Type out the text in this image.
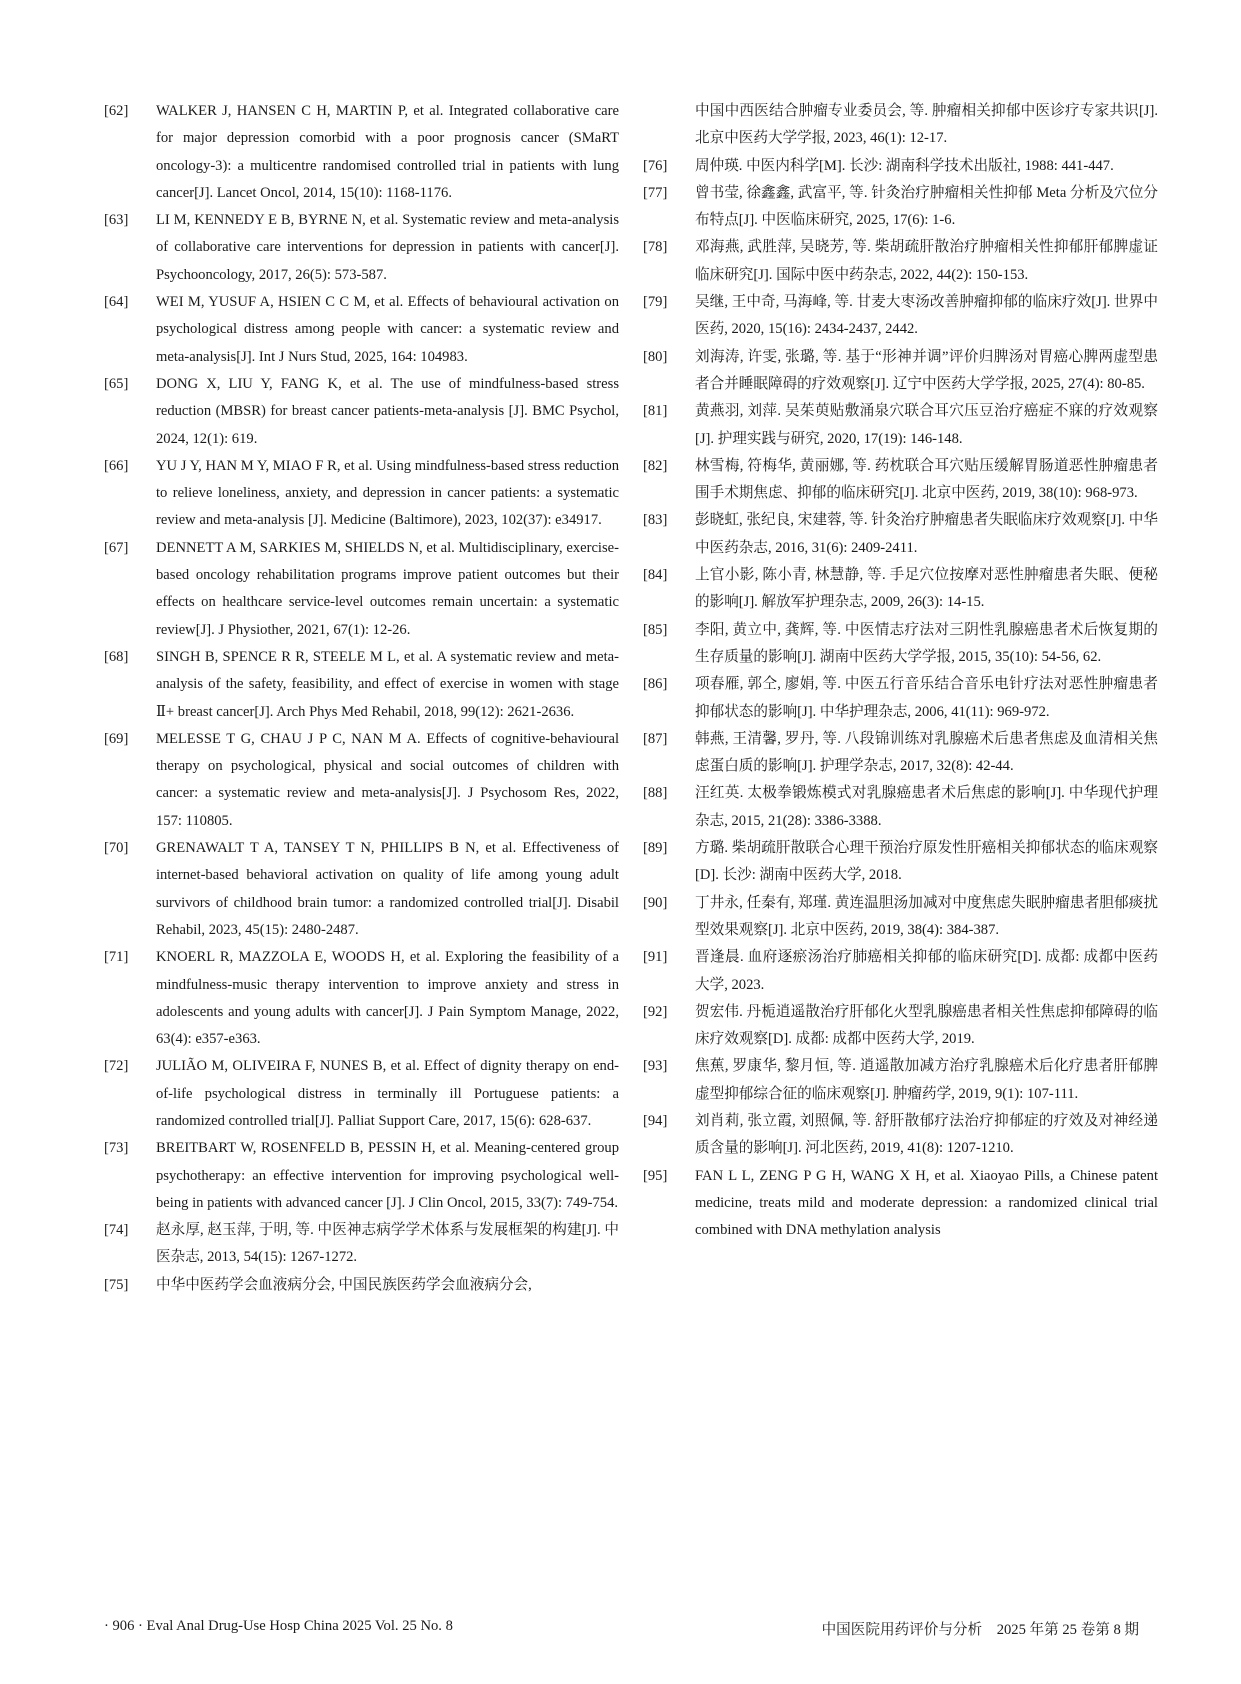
[62]	WALKER J, HANSEN C H, MARTIN P, et al. Integrated collaborative care for major depression comorbid with a poor prognosis cancer (SMaRT oncology-3): a multicentre randomised controlled trial in patients with lung cancer[J]. Lancet Oncol, 2014, 15(10): 1168-1176.
[63]	LI M, KENNEDY E B, BYRNE N, et al. Systematic review and meta-analysis of collaborative care interventions for depression in patients with cancer[J]. Psychooncology, 2017, 26(5): 573-587.
[64]	WEI M, YUSUF A, HSIEN C C M, et al. Effects of behavioural activation on psychological distress among people with cancer: a systematic review and meta-analysis[J]. Int J Nurs Stud, 2025, 164: 104983.
[65]	DONG X, LIU Y, FANG K, et al. The use of mindfulness-based stress reduction (MBSR) for breast cancer patients-meta-analysis [J]. BMC Psychol, 2024, 12(1): 619.
[66]	YU J Y, HAN M Y, MIAO F R, et al. Using mindfulness-based stress reduction to relieve loneliness, anxiety, and depression in cancer patients: a systematic review and meta-analysis [J]. Medicine (Baltimore), 2023, 102(37): e34917.
[67]	DENNETT A M, SARKIES M, SHIELDS N, et al. Multidisciplinary, exercise-based oncology rehabilitation programs improve patient outcomes but their effects on healthcare service-level outcomes remain uncertain: a systematic review[J]. J Physiother, 2021, 67(1): 12-26.
[68]	SINGH B, SPENCE R R, STEELE M L, et al. A systematic review and meta-analysis of the safety, feasibility, and effect of exercise in women with stage Ⅱ+ breast cancer[J]. Arch Phys Med Rehabil, 2018, 99(12): 2621-2636.
[69]	MELESSE T G, CHAU J P C, NAN M A. Effects of cognitive-behavioural therapy on psychological, physical and social outcomes of children with cancer: a systematic review and meta-analysis[J]. J Psychosom Res, 2022, 157: 110805.
[70]	GRENAWALT T A, TANSEY T N, PHILLIPS B N, et al. Effectiveness of internet-based behavioral activation on quality of life among young adult survivors of childhood brain tumor: a randomized controlled trial[J]. Disabil Rehabil, 2023, 45(15): 2480-2487.
[71]	KNOERL R, MAZZOLA E, WOODS H, et al. Exploring the feasibility of a mindfulness-music therapy intervention to improve anxiety and stress in adolescents and young adults with cancer[J]. J Pain Symptom Manage, 2022, 63(4): e357-e363.
[72]	JULIÃO M, OLIVEIRA F, NUNES B, et al. Effect of dignity therapy on end-of-life psychological distress in terminally ill Portuguese patients: a randomized controlled trial[J]. Palliat Support Care, 2017, 15(6): 628-637.
[73]	BREITBART W, ROSENFELD B, PESSIN H, et al. Meaning-centered group psychotherapy: an effective intervention for improving psychological well-being in patients with advanced cancer [J]. J Clin Oncol, 2015, 33(7): 749-754.
[74]	赵永厚, 赵玉萍, 于明, 等. 中医神志病学学术体系与发展框架的构建[J]. 中医杂志, 2013, 54(15): 1267-1272.
[75]	中华中医药学会血液病分会, 中国民族医药学会血液病分会,
中国中西医结合肿瘤专业委员会, 等. 肿瘤相关抑郁中医诊疗专家共识[J]. 北京中医药大学学报, 2023, 46(1): 12-17.
[76]	周仲瑛. 中医内科学[M]. 长沙: 湖南科学技术出版社, 1988: 441-447.
[77]	曾书莹, 徐鑫鑫, 武富平, 等. 针灸治疗肿瘤相关性抑郁 Meta 分析及穴位分布特点[J]. 中医临床研究, 2025, 17(6): 1-6.
[78]	邓海燕, 武胜萍, 吴晓芳, 等. 柴胡疏肝散治疗肿瘤相关性抑郁肝郁脾虚证临床研究[J]. 国际中医中药杂志, 2022, 44(2): 150-153.
[79]	吴继, 王中奇, 马海峰, 等. 甘麦大枣汤改善肿瘤抑郁的临床疗效[J]. 世界中医药, 2020, 15(16): 2434-2437, 2442.
[80]	刘海涛, 许雯, 张璐, 等. 基于“形神并调”评价归脾汤对胃癌心脾两虚型患者合并睡眠障碍的疗效观察[J]. 辽宁中医药大学学报, 2025, 27(4): 80-85.
[81]	黄燕羽, 刘萍. 吴茱萸贴敷涌泉穴联合耳穴压豆治疗癌症不寐的疗效观察[J]. 护理实践与研究, 2020, 17(19): 146-148.
[82]	林雪梅, 符梅华, 黄丽娜, 等. 药枕联合耳穴贴压缓解胃肠道恶性肿瘤患者围手术期焦虑、抑郁的临床研究[J]. 北京中医药, 2019, 38(10): 968-973.
[83]	彭晓虹, 张纪良, 宋建蓉, 等. 针灸治疗肿瘤患者失眠临床疗效观察[J]. 中华中医药杂志, 2016, 31(6): 2409-2411.
[84]	上官小影, 陈小青, 林慧静, 等. 手足穴位按摩对恶性肿瘤患者失眠、便秘的影响[J]. 解放军护理杂志, 2009, 26(3): 14-15.
[85]	李阳, 黄立中, 龚辉, 等. 中医情志疗法对三阴性乳腺癌患者术后恢复期的生存质量的影响[J]. 湖南中医药大学学报, 2015, 35(10): 54-56, 62.
[86]	项春雁, 郭仝, 廖娟, 等. 中医五行音乐结合音乐电针疗法对恶性肿瘤患者抑郁状态的影响[J]. 中华护理杂志, 2006, 41(11): 969-972.
[87]	韩燕, 王清馨, 罗丹, 等. 八段锦训练对乳腺癌术后患者焦虑及血清相关焦虑蛋白质的影响[J]. 护理学杂志, 2017, 32(8): 42-44.
[88]	汪红英. 太极拳锻炼模式对乳腺癌患者术后焦虑的影响[J]. 中华现代护理杂志, 2015, 21(28): 3386-3388.
[89]	方璐. 柴胡疏肝散联合心理干预治疗原发性肝癌相关抑郁状态的临床观察[D]. 长沙: 湖南中医药大学, 2018.
[90]	丁井永, 任秦有, 郑瑾. 黄连温胆汤加减对中度焦虑失眠肿瘤患者胆郁痰扰型效果观察[J]. 北京中医药, 2019, 38(4): 384-387.
[91]	晋逢晨. 血府逐瘀汤治疗肺癌相关抑郁的临床研究[D]. 成都: 成都中医药大学, 2023.
[92]	贺宏伟. 丹栀逍遥散治疗肝郁化火型乳腺癌患者相关性焦虑抑郁障碍的临床疗效观察[D]. 成都: 成都中医药大学, 2019.
[93]	焦蕉, 罗康华, 黎月恒, 等. 逍遥散加减方治疗乳腺癌术后化疗患者肝郁脾虚型抑郁综合征的临床观察[J]. 肿瘤药学, 2019, 9(1): 107-111.
[94]	刘肖莉, 张立霞, 刘照佩, 等. 舒肝散郁疗法治疗抑郁症的疗效及对神经递质含量的影响[J]. 河北医药, 2019, 41(8): 1207-1210.
[95]	FAN L L, ZENG P G H, WANG X H, et al. Xiaoyao Pills, a Chinese patent medicine, treats mild and moderate depression: a randomized clinical trial combined with DNA methylation analysis
· 906 · Eval Anal Drug-Use Hosp China 2025 Vol. 25 No. 8	中国医院用药评价与分析　2025 年第 25 卷第 8 期
